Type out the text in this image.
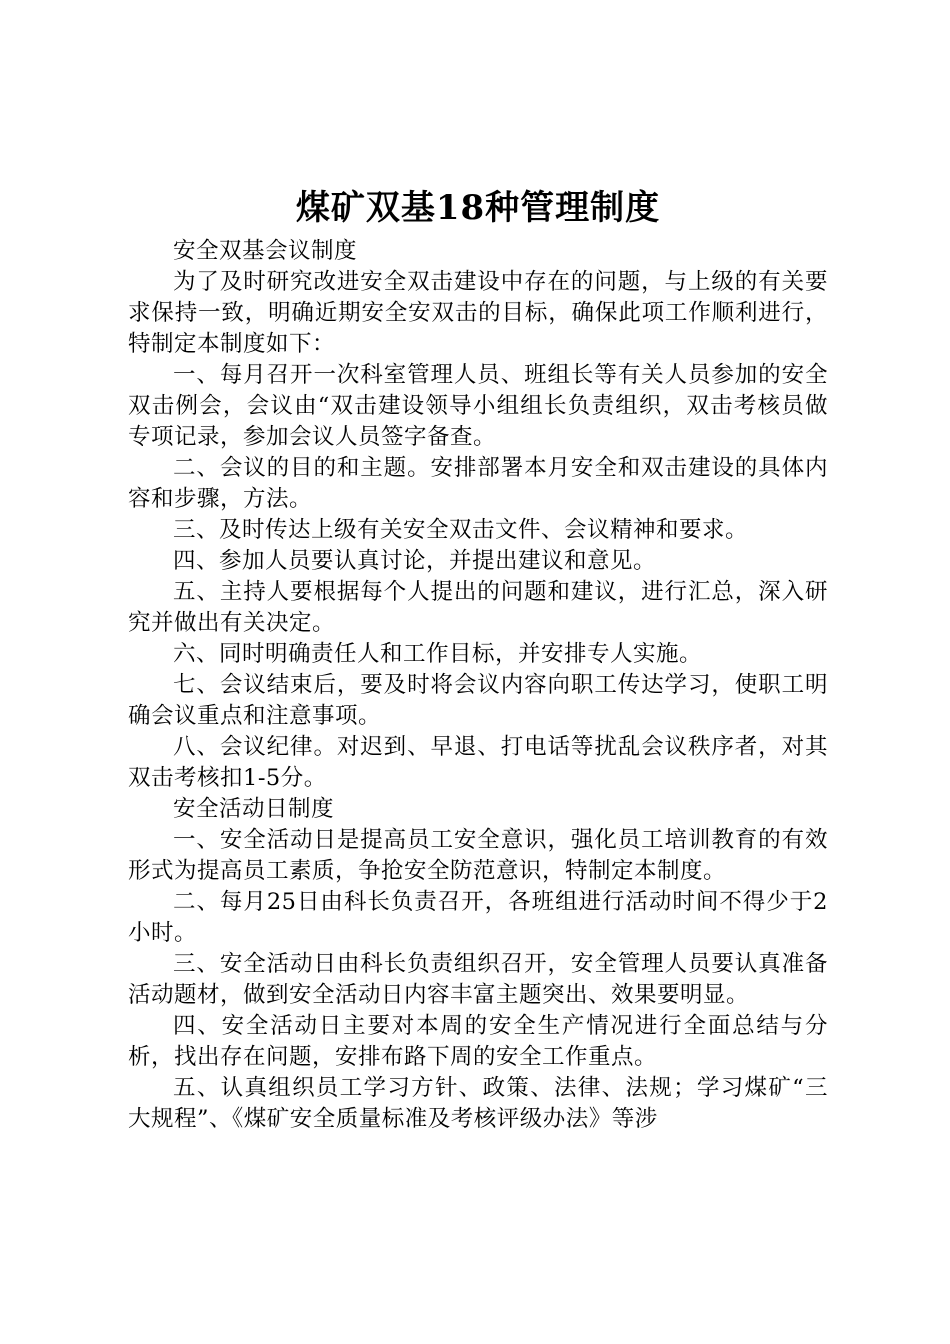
煤矿双基18种管理制度

安全双基会议制度

为了及时研究改进安全双击建设中存在的问题，与上级的有关要求保持一致，明确近期安全安双击的目标，确保此项工作顺利进行，特制定本制度如下：

一、每月召开一次科室管理人员、班组长等有关人员参加的安全双击例会，会议由“双击建设领导小组组长负责组织，双击考核员做专项记录，参加会议人员签字备查。

二、会议的目的和主题。安排部署本月安全和双击建设的具体内容和步骤，方法。

三、及时传达上级有关安全双击文件、会议精神和要求。

四、参加人员要认真讨论，并提出建议和意见。

五、主持人要根据每个人提出的问题和建议，进行汇总，深入研究并做出有关决定。

六、同时明确责任人和工作目标，并安排专人实施。

七、会议结束后，要及时将会议内容向职工传达学习，使职工明确会议重点和注意事项。

八、会议纪律。对迟到、早退、打电话等扰乱会议秩序者，对其双击考核扣1-5分。

安全活动日制度

一、安全活动日是提高员工安全意识，强化员工培训教育的有效形式为提高员工素质，争抢安全防范意识，特制定本制度。

二、每月25日由科长负责召开，各班组进行活动时间不得少于2小时。

三、安全活动日由科长负责组织召开，安全管理人员要认真准备活动题材，做到安全活动日内容丰富主题突出、效果要明显。

四、安全活动日主要对本周的安全生产情况进行全面总结与分析，找出存在问题，安排布路下周的安全工作重点。

五、认真组织员工学习方针、政策、法律、法规；学习煤矿“三大规程”、《煤矿安全质量标准及考核评级办法》等涉
